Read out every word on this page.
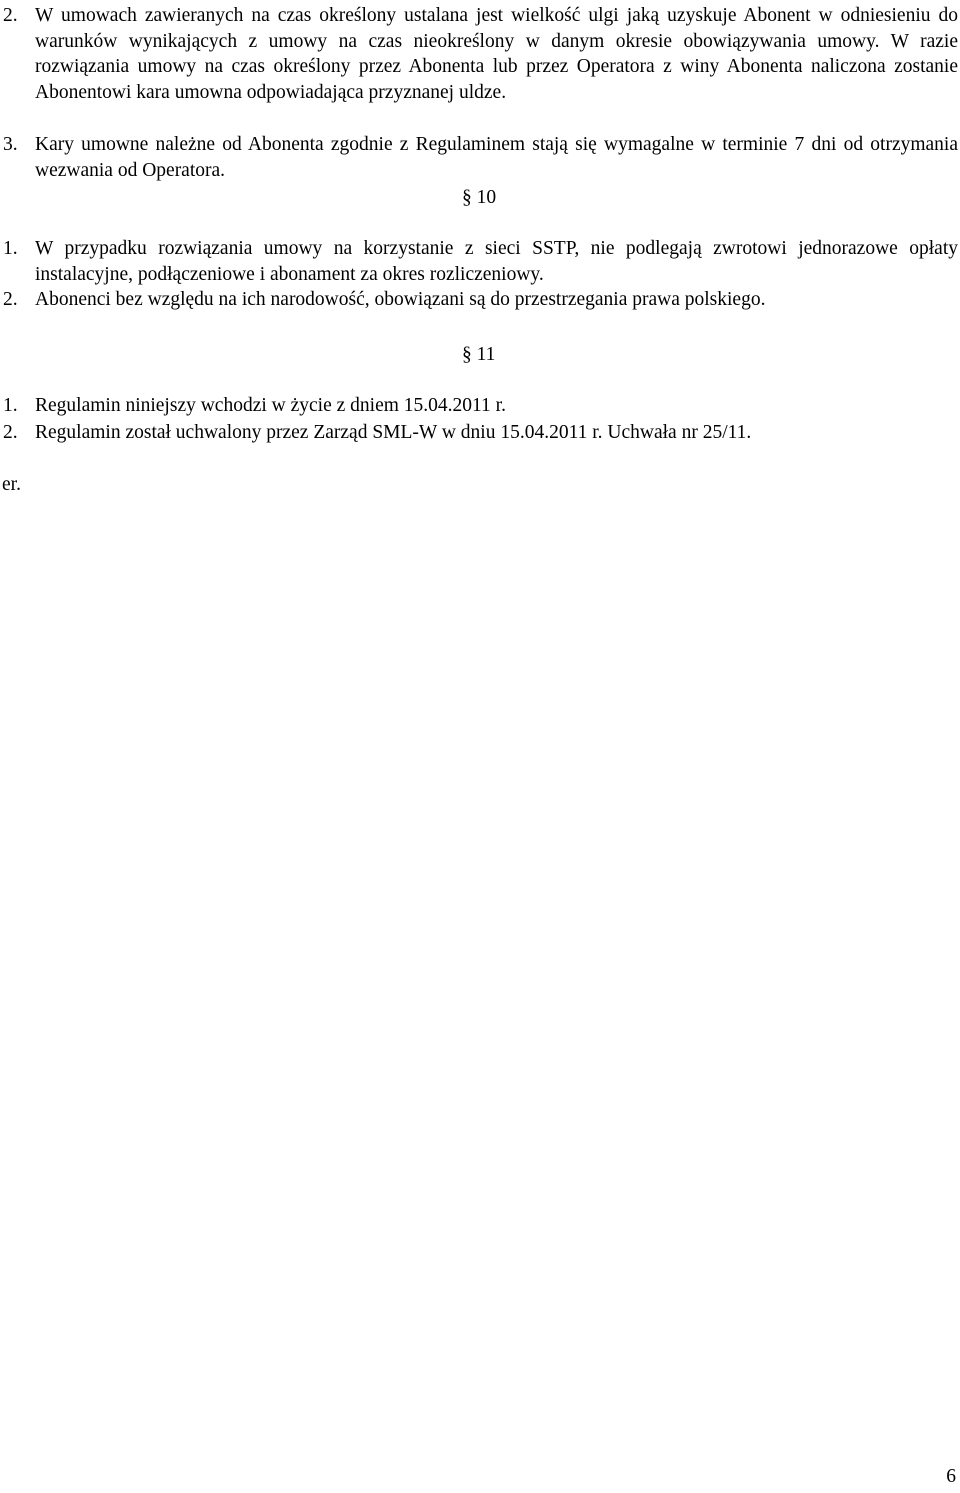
2. W umowach zawieranych na czas określony ustalana jest wielkość ulgi jaką uzyskuje Abonent w odniesieniu do warunków wynikających z umowy na czas nieokreślony w danym okresie obowiązywania umowy. W razie rozwiązania umowy na czas określony przez Abonenta lub przez Operatora z winy Abonenta naliczona zostanie Abonentowi kara umowna odpowiadająca przyznanej uldze.
3. Kary umowne należne od Abonenta zgodnie z Regulaminem stają się wymagalne w terminie 7 dni od otrzymania wezwania od Operatora.
§ 10
1. W przypadku rozwiązania umowy na korzystanie z sieci SSTP, nie podlegają zwrotowi jednorazowe opłaty instalacyjne, podłączeniowe i abonament za okres rozliczeniowy.
2. Abonenci bez względu na ich narodowość, obowiązani są do przestrzegania prawa polskiego.
§ 11
1. Regulamin niniejszy wchodzi w życie z dniem 15.04.2011 r.
2. Regulamin został uchwalony przez Zarząd SML-W w dniu 15.04.2011 r. Uchwała nr 25/11.
er.
6
